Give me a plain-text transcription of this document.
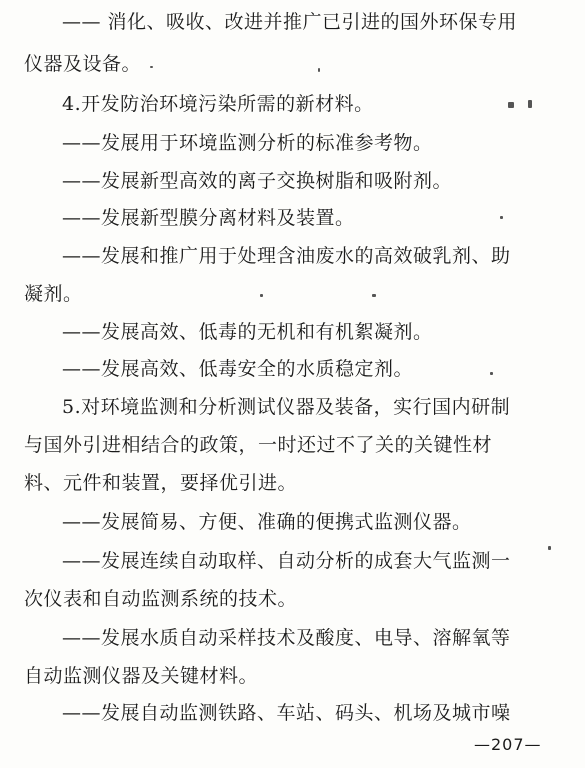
—— 消化、吸收、改进并推广已引进的国外环保专用
仪器及设备。
4.开发防治环境污染所需的新材料。
——发展用于环境监测分析的标准参考物。
——发展新型高效的离子交换树脂和吸附剂。
——发展新型膜分离材料及装置。
——发展和推广用于处理含油废水的高效破乳剂、助
凝剂。
——发展高效、低毒的无机和有机絮凝剂。
——发展高效、低毒安全的水质稳定剂。
5.对环境监测和分析测试仪器及装备，实行国内研制
与国外引进相结合的政策，一时还过不了关的关键性材
料、元件和装置，要择优引进。
——发展简易、方便、准确的便携式监测仪器。
——发展连续自动取样、自动分析的成套大气监测一
次仪表和自动监测系统的技术。
——发展水质自动采样技术及酸度、电导、溶解氧等
自动监测仪器及关键材料。
——发展自动监测铁路、车站、码头、机场及城市噪
—207—
